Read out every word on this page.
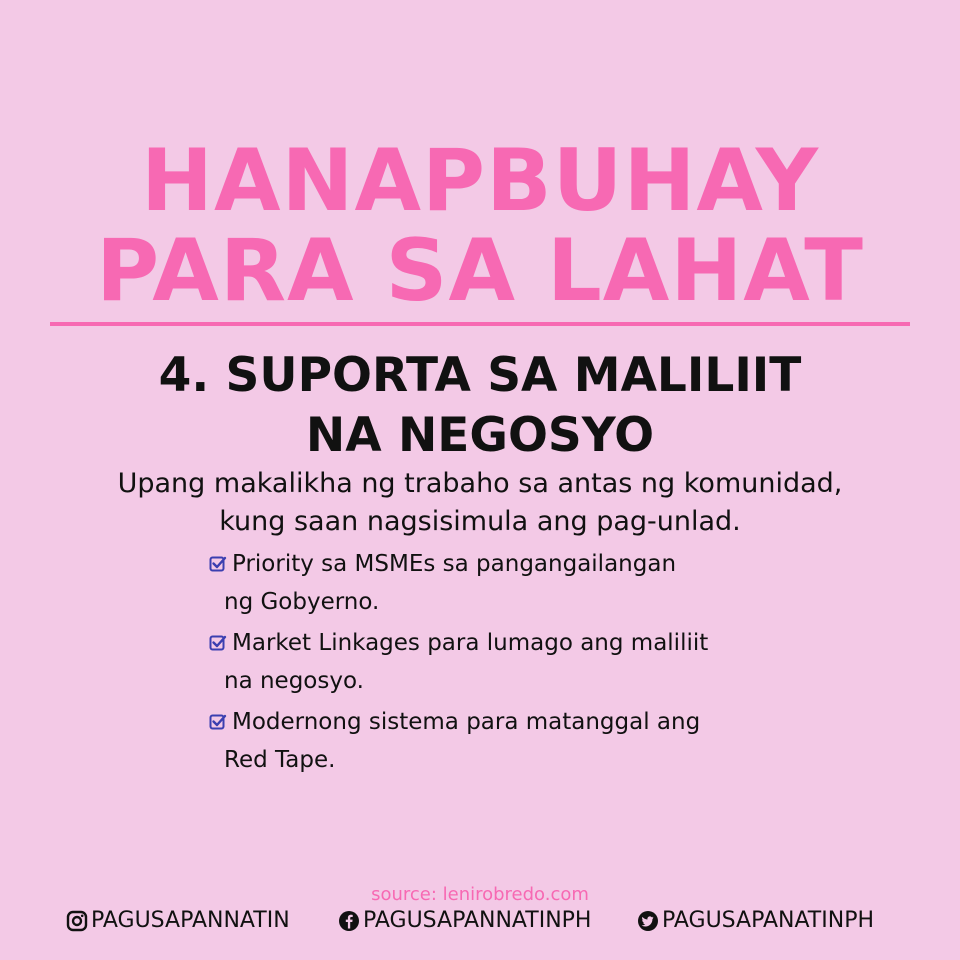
HANAPBUHAY
PARA SA LAHAT
4. SUPORTA SA MALILIIT
NA NEGOSYO
Upang makalikha ng trabaho sa antas ng komunidad,
kung saan nagsisimula ang pag-unlad.
Priority sa MSMEs sa pangangailangan
ng Gobyerno.
Market Linkages para lumago ang maliliit
na negosyo.
Modernong sistema para matanggal ang
Red Tape.
source: lenirobredo.com
PAGUSAPANNATIN	PAGUSAPANNATINPH	PAGUSAPANATINPH
